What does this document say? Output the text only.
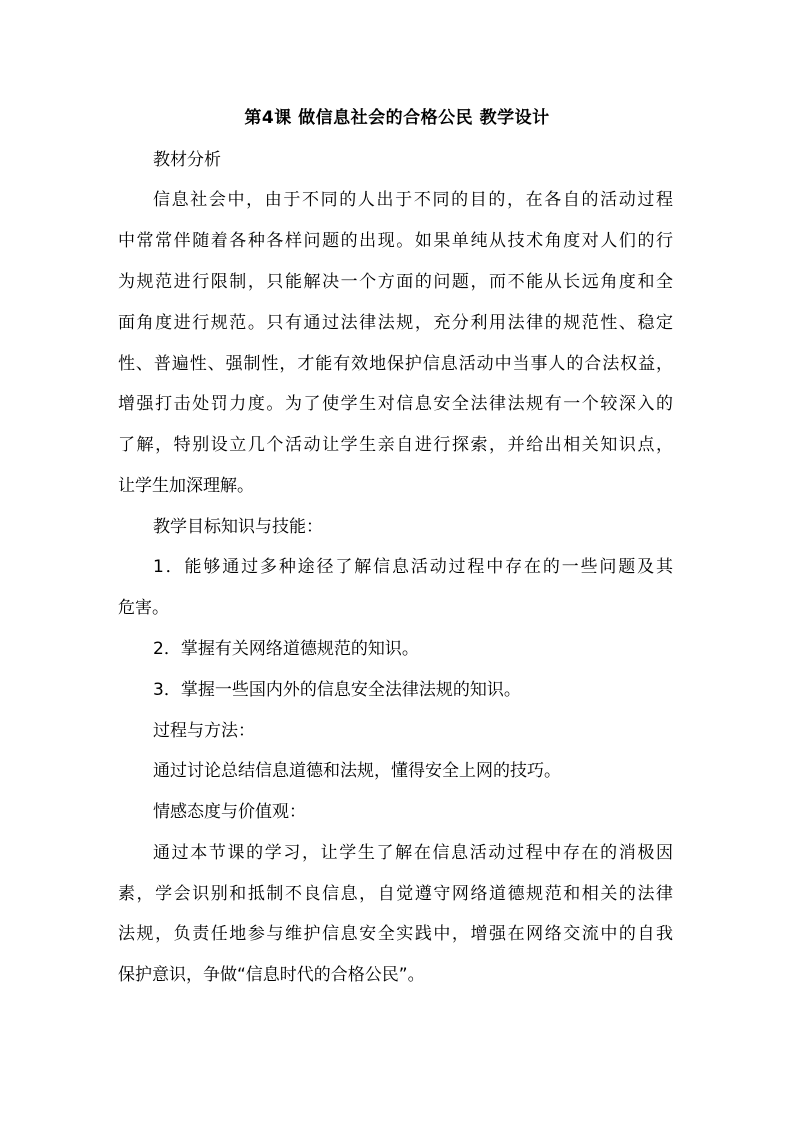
第4课 做信息社会的合格公民 教学设计
教材分析
信息社会中，由于不同的人出于不同的目的，在各自的活动过程
中常常伴随着各种各样问题的出现。如果单纯从技术角度对人们的行
为规范进行限制，只能解决一个方面的问题，而不能从长远角度和全
面角度进行规范。只有通过法律法规，充分利用法律的规范性、稳定
性、普遍性、强制性，才能有效地保护信息活动中当事人的合法权益，
增强打击处罚力度。为了使学生对信息安全法律法规有一个较深入的
了解，特别设立几个活动让学生亲自进行探索，并给出相关知识点，
让学生加深理解。
教学目标知识与技能：
1．能够通过多种途径了解信息活动过程中存在的一些问题及其
危害。
2．掌握有关网络道德规范的知识。
3．掌握一些国内外的信息安全法律法规的知识。
过程与方法：
通过讨论总结信息道德和法规，懂得安全上网的技巧。
情感态度与价值观：
通过本节课的学习，让学生了解在信息活动过程中存在的消极因
素，学会识别和抵制不良信息，自觉遵守网络道德规范和相关的法律
法规，负责任地参与维护信息安全实践中，增强在网络交流中的自我
保护意识，争做“信息时代的合格公民”。
